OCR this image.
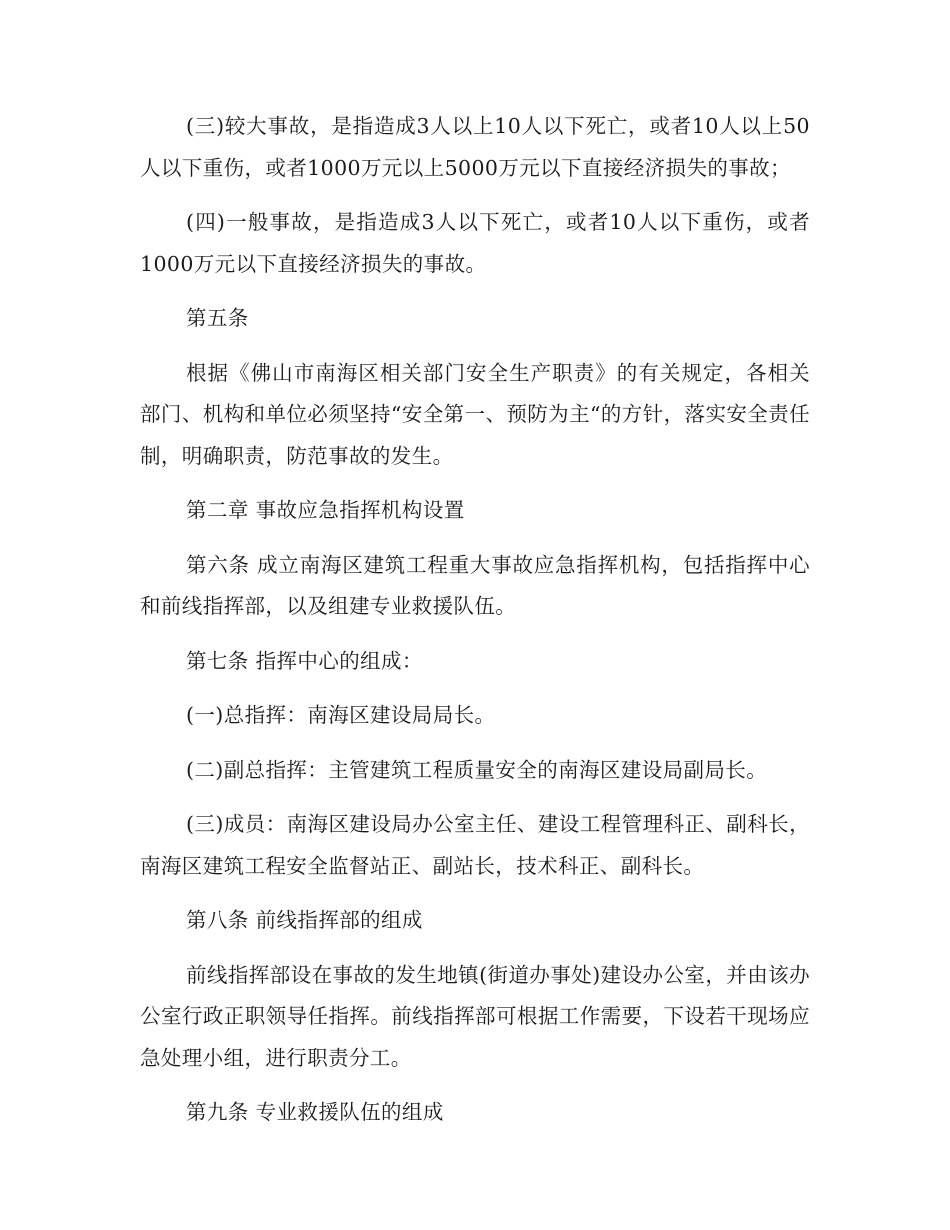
(三)较大事故，是指造成3人以上10人以下死亡，或者10人以上50人以下重伤，或者1000万元以上5000万元以下直接经济损失的事故；

(四)一般事故，是指造成3人以下死亡，或者10人以下重伤，或者1000万元以下直接经济损失的事故。

第五条

根据《佛山市南海区相关部门安全生产职责》的有关规定，各相关部门、机构和单位必须坚持“安全第一、预防为主“的方针，落实安全责任制，明确职责，防范事故的发生。

第二章 事故应急指挥机构设置

第六条 成立南海区建筑工程重大事故应急指挥机构，包括指挥中心和前线指挥部，以及组建专业救援队伍。

第七条 指挥中心的组成：

(一)总指挥：南海区建设局局长。

(二)副总指挥：主管建筑工程质量安全的南海区建设局副局长。

(三)成员：南海区建设局办公室主任、建设工程管理科正、副科长，南海区建筑工程安全监督站正、副站长，技术科正、副科长。

第八条 前线指挥部的组成

前线指挥部设在事故的发生地镇(街道办事处)建设办公室，并由该办公室行政正职领导任指挥。前线指挥部可根据工作需要，下设若干现场应急处理小组，进行职责分工。

第九条 专业救援队伍的组成
